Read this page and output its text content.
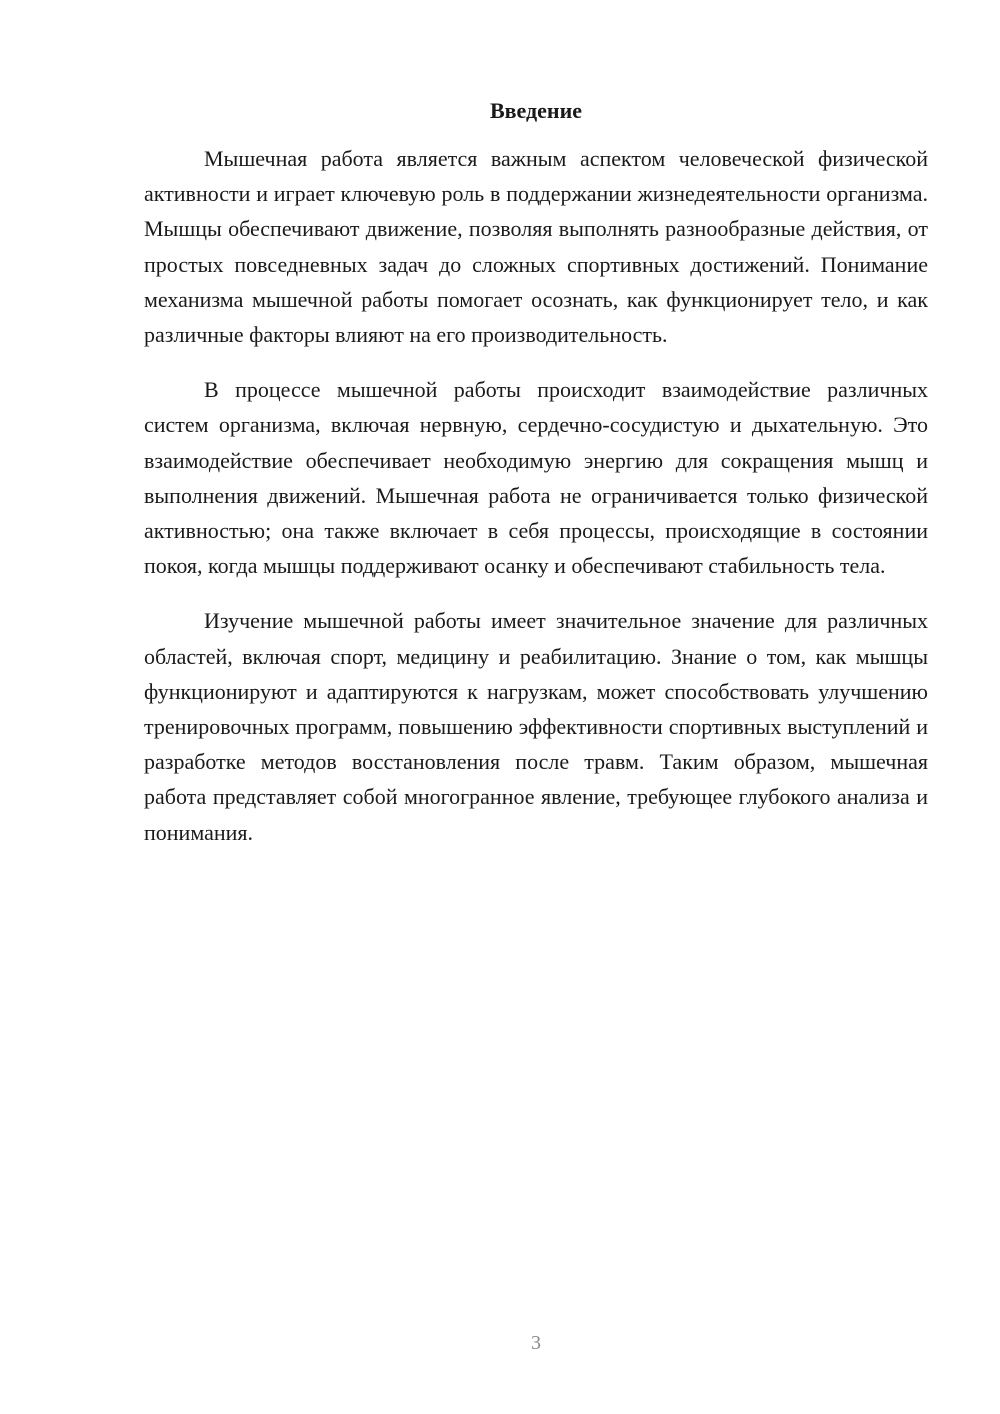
Введение

Мышечная работа является важным аспектом человеческой физической активности и играет ключевую роль в поддержании жизнедеятельности организма. Мышцы обеспечивают движение, позволяя выполнять разнообразные действия, от простых повседневных задач до сложных спортивных достижений. Понимание механизма мышечной работы помогает осознать, как функционирует тело, и как различные факторы влияют на его производительность.

В процессе мышечной работы происходит взаимодействие различных систем организма, включая нервную, сердечно-сосудистую и дыхательную. Это взаимодействие обеспечивает необходимую энергию для сокращения мышц и выполнения движений. Мышечная работа не ограничивается только физической активностью; она также включает в себя процессы, происходящие в состоянии покоя, когда мышцы поддерживают осанку и обеспечивают стабильность тела.

Изучение мышечной работы имеет значительное значение для различных областей, включая спорт, медицину и реабилитацию. Знание о том, как мышцы функционируют и адаптируются к нагрузкам, может способствовать улучшению тренировочных программ, повышению эффективности спортивных выступлений и разработке методов восстановления после травм. Таким образом, мышечная работа представляет собой многогранное явление, требующее глубокого анализа и понимания.

3
